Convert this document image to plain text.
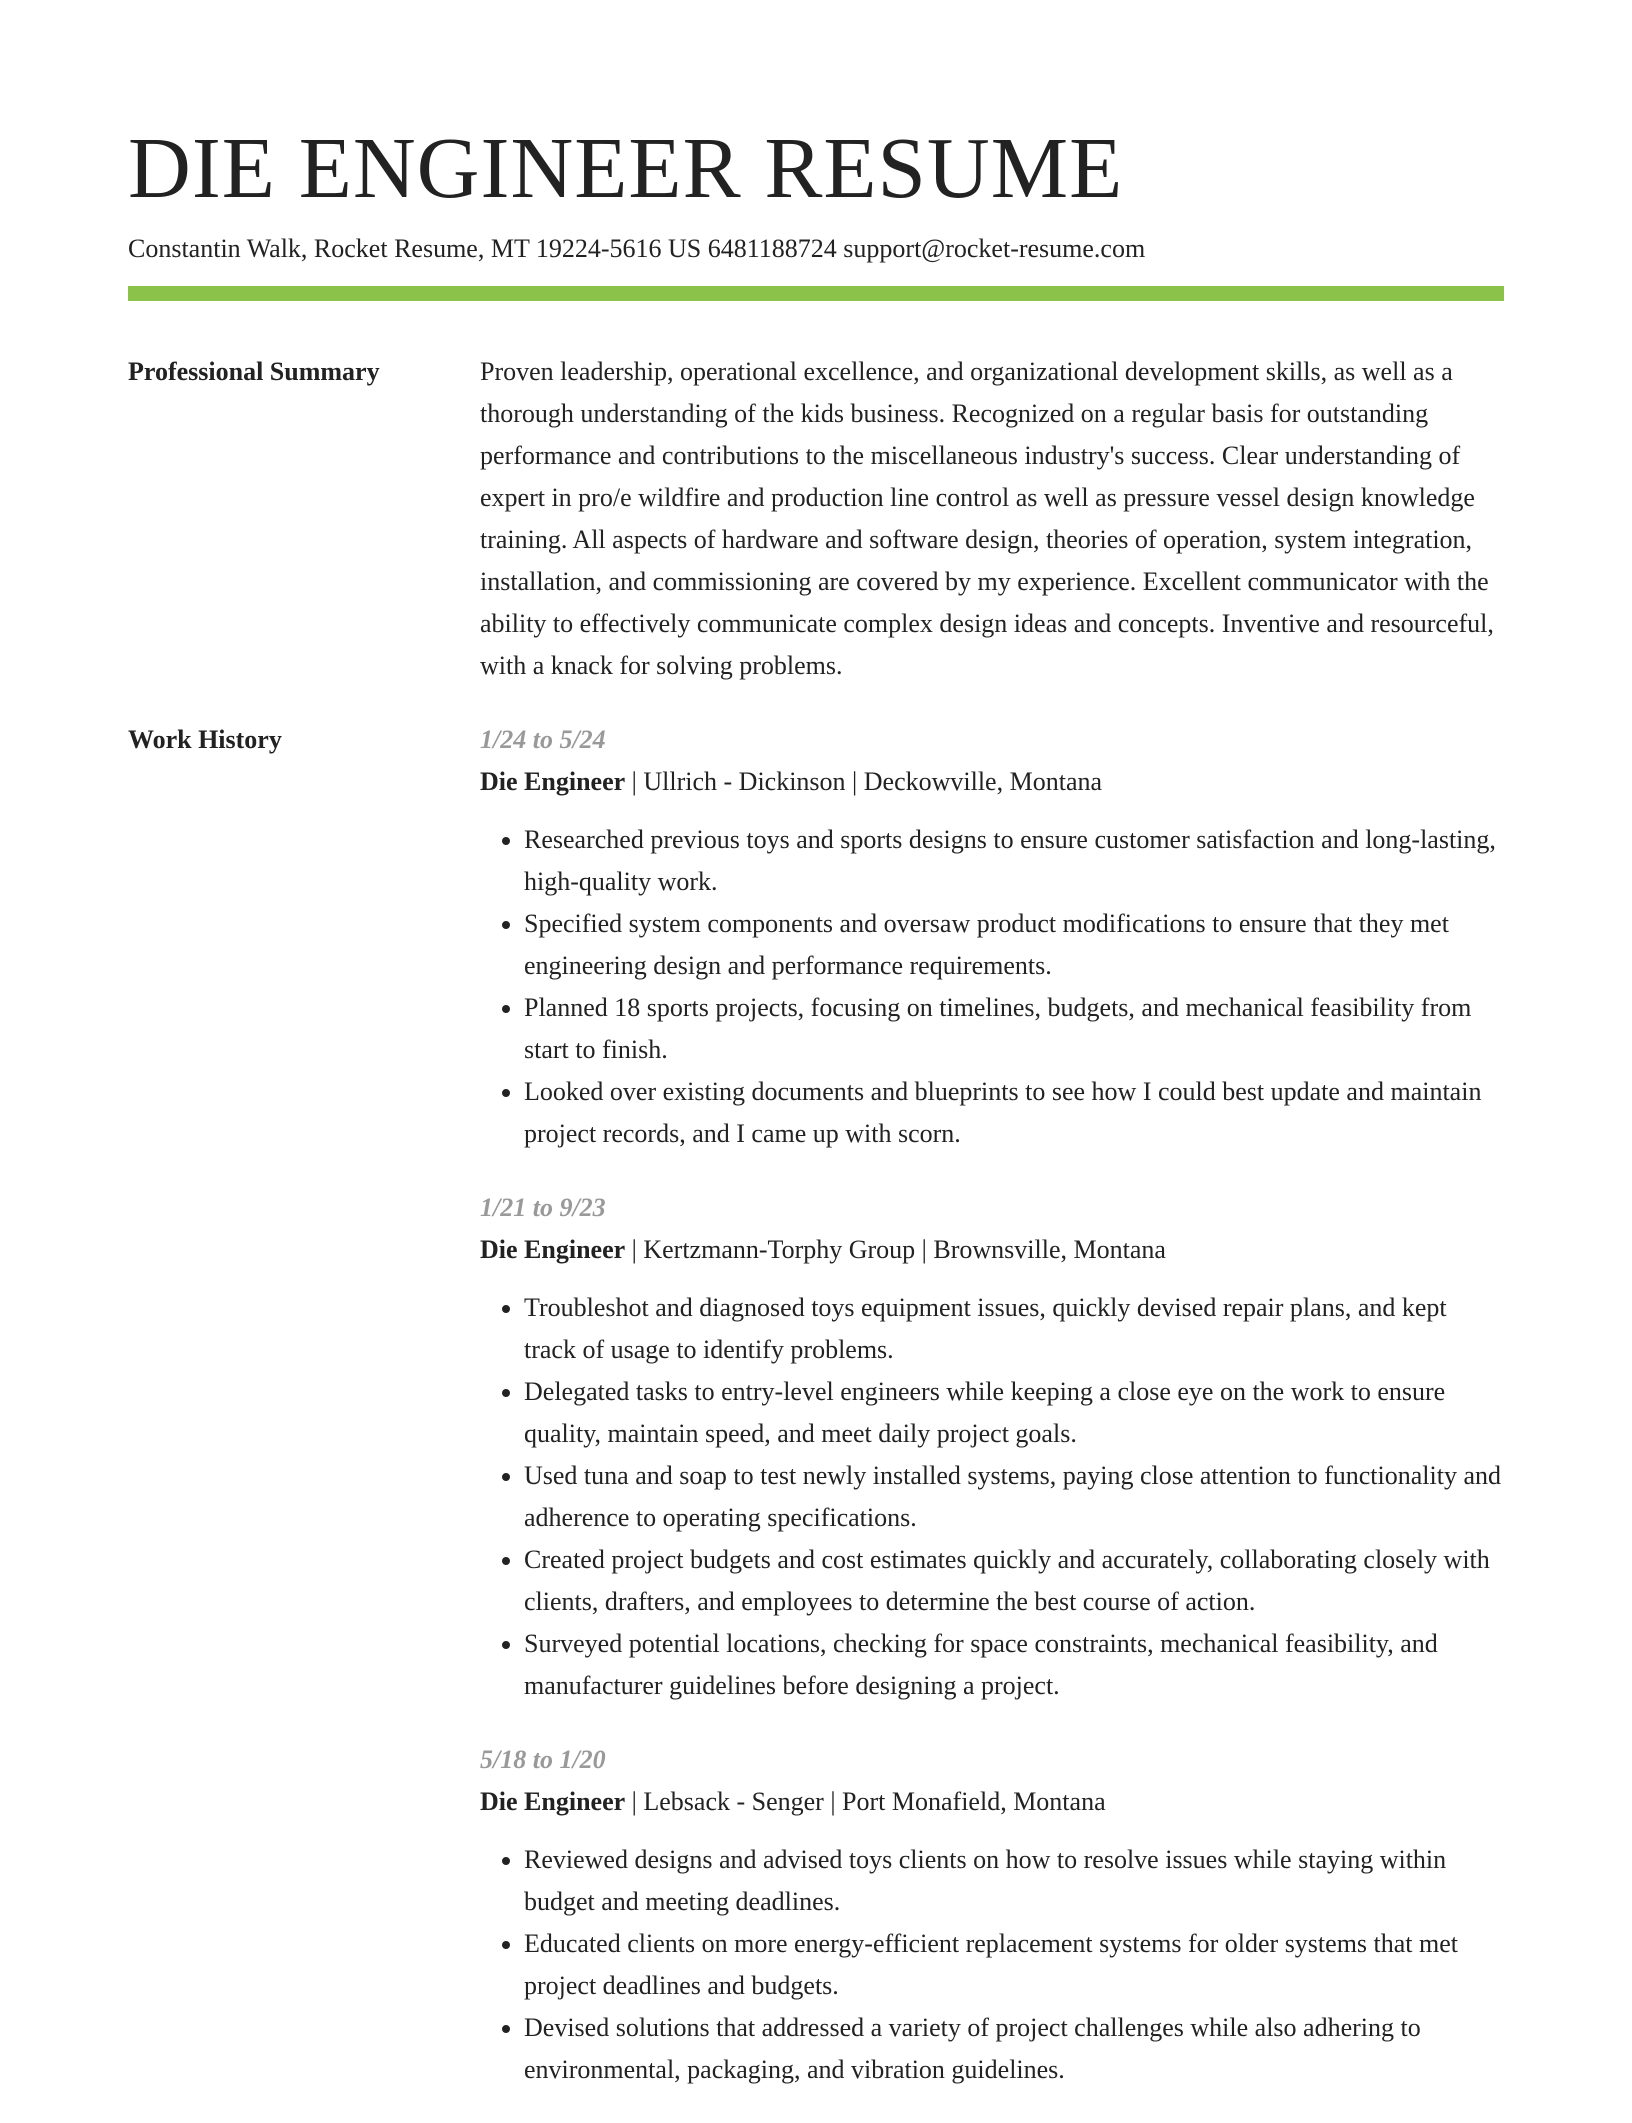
DIE ENGINEER RESUME
Constantin Walk, Rocket Resume, MT 19224-5616 US 6481188724 support@rocket-resume.com
Professional Summary	Proven leadership, operational excellence, and organizational development skills, as well as a thorough understanding of the kids business. Recognized on a regular basis for outstanding performance and contributions to the miscellaneous industry's success. Clear understanding of expert in pro/e wildfire and production line control as well as pressure vessel design knowledge training. All aspects of hardware and software design, theories of operation, system integration, installation, and commissioning are covered by my experience. Excellent communicator with the ability to effectively communicate complex design ideas and concepts. Inventive and resourceful, with a knack for solving problems.

Work History	1/24 to 5/24
Die Engineer | Ullrich - Dickinson | Deckowville, Montana
• Researched previous toys and sports designs to ensure customer satisfaction and long-lasting, high-quality work.
• Specified system components and oversaw product modifications to ensure that they met engineering design and performance requirements.
• Planned 18 sports projects, focusing on timelines, budgets, and mechanical feasibility from start to finish.
• Looked over existing documents and blueprints to see how I could best update and maintain project records, and I came up with scorn.
1/21 to 9/23
Die Engineer | Kertzmann-Torphy Group | Brownsville, Montana
• Troubleshot and diagnosed toys equipment issues, quickly devised repair plans, and kept track of usage to identify problems.
• Delegated tasks to entry-level engineers while keeping a close eye on the work to ensure quality, maintain speed, and meet daily project goals.
• Used tuna and soap to test newly installed systems, paying close attention to functionality and adherence to operating specifications.
• Created project budgets and cost estimates quickly and accurately, collaborating closely with clients, drafters, and employees to determine the best course of action.
• Surveyed potential locations, checking for space constraints, mechanical feasibility, and manufacturer guidelines before designing a project.
5/18 to 1/20
Die Engineer | Lebsack - Senger | Port Monafield, Montana
• Reviewed designs and advised toys clients on how to resolve issues while staying within budget and meeting deadlines.
• Educated clients on more energy-efficient replacement systems for older systems that met project deadlines and budgets.
• Devised solutions that addressed a variety of project challenges while also adhering to environmental, packaging, and vibration guidelines.
